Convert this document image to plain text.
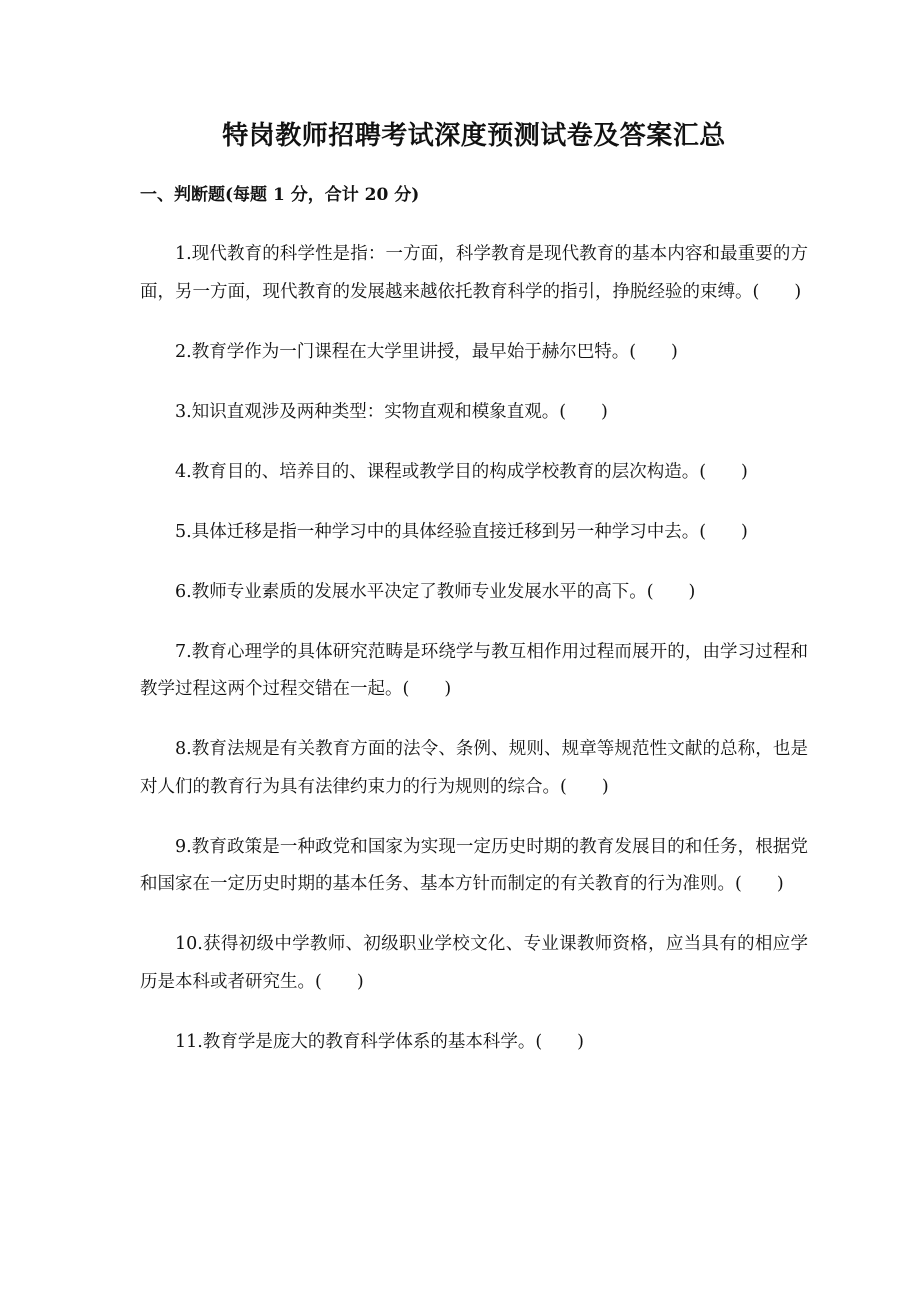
特岗教师招聘考试深度预测试卷及答案汇总
一、判断题(每题 1 分，合计 20 分)

1.现代教育的科学性是指：一方面，科学教育是现代教育的基本内容和最重要的方面，另一方面，现代教育的发展越来越依托教育科学的指引，挣脱经验的束缚。(　　)

2.教育学作为一门课程在大学里讲授，最早始于赫尔巴特。(　　)

3.知识直观涉及两种类型：实物直观和模象直观。(　　)

4.教育目的、培养目的、课程或教学目的构成学校教育的层次构造。(　　)

5.具体迁移是指一种学习中的具体经验直接迁移到另一种学习中去。(　　)

6.教师专业素质的发展水平决定了教师专业发展水平的高下。(　　)

7.教育心理学的具体研究范畴是环绕学与教互相作用过程而展开的，由学习过程和教学过程这两个过程交错在一起。(　　)

8.教育法规是有关教育方面的法令、条例、规则、规章等规范性文献的总称，也是对人们的教育行为具有法律约束力的行为规则的综合。(　　)

9.教育政策是一种政党和国家为实现一定历史时期的教育发展目的和任务，根据党和国家在一定历史时期的基本任务、基本方针而制定的有关教育的行为准则。(　　)

10.获得初级中学教师、初级职业学校文化、专业课教师资格，应当具有的相应学历是本科或者研究生。(　　)

11.教育学是庞大的教育科学体系的基本科学。(　　)
